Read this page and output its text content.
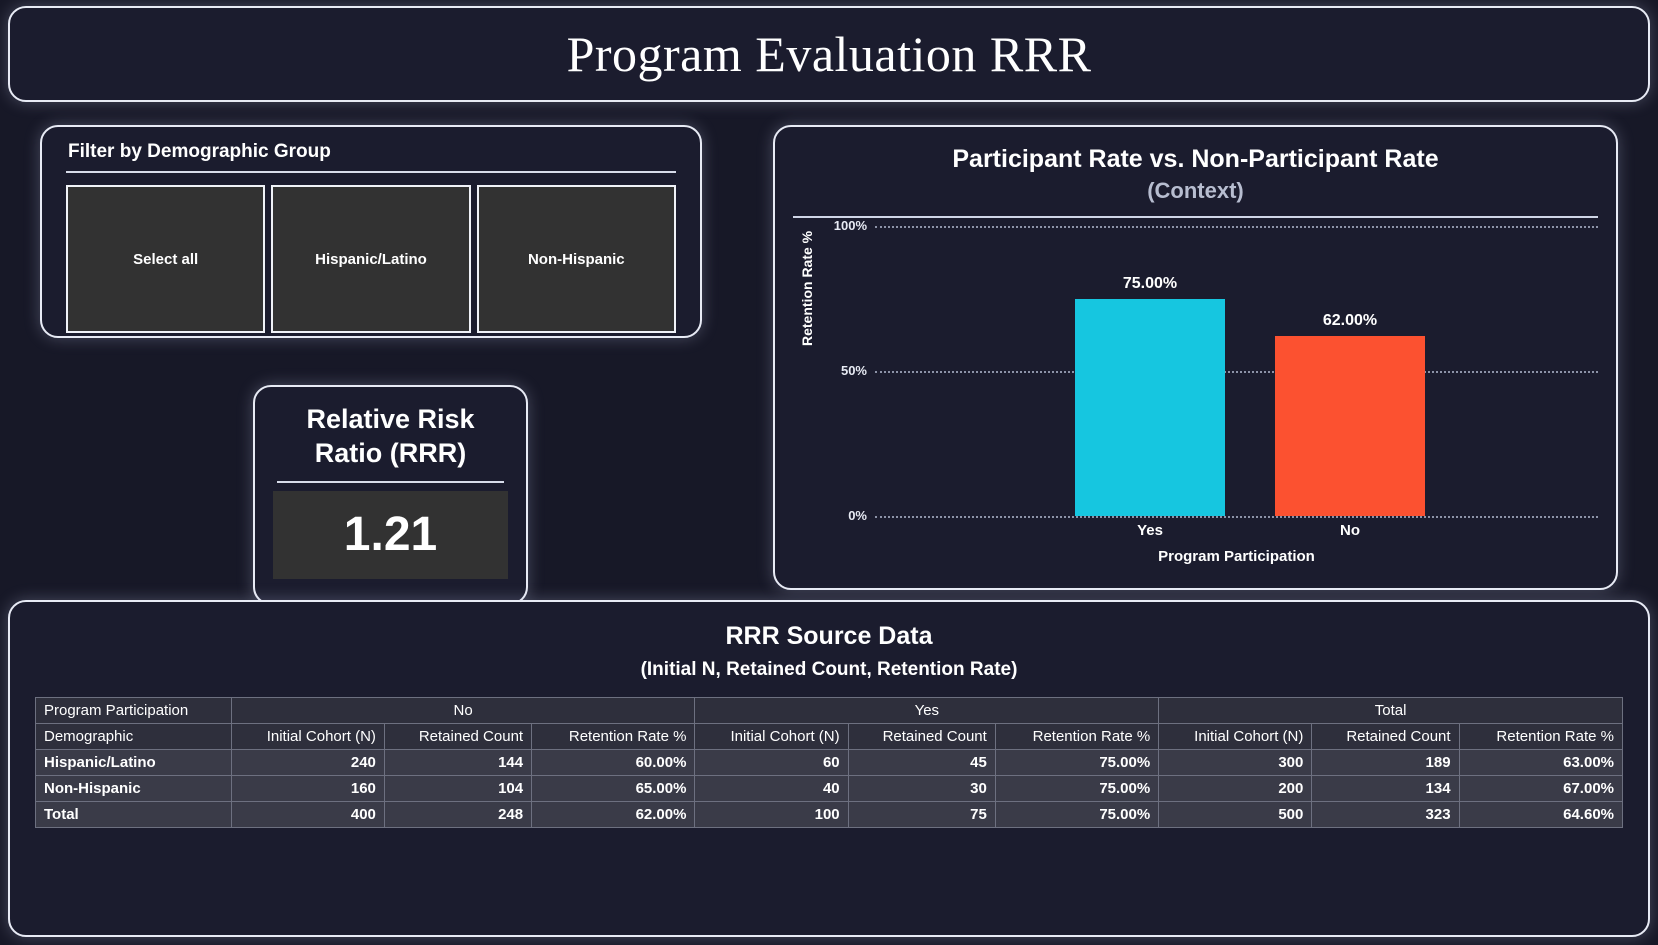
Program Evaluation RRR
Filter by Demographic Group
Select all	Hispanic/Latino	Non-Hispanic
Relative Risk
Ratio (RRR)
1.21
Participant Rate vs. Non-Participant Rate
(Context)
Retention Rate %
100%
50%
0%
75.00%
Yes
62.00%
No
Program Participation
RRR Source Data
(Initial N, Retained Count, Retention Rate)
Program Participation	No			Yes			Total		
Demographic	Initial Cohort (N)	Retained Count	Retention Rate %	Initial Cohort (N)	Retained Count	Retention Rate %	Initial Cohort (N)	Retained Count	Retention Rate %
Hispanic/Latino	240	144	60.00%	60	45	75.00%	300	189	63.00%
Non-Hispanic	160	104	65.00%	40	30	75.00%	200	134	67.00%
Total	400	248	62.00%	100	75	75.00%	500	323	64.60%
